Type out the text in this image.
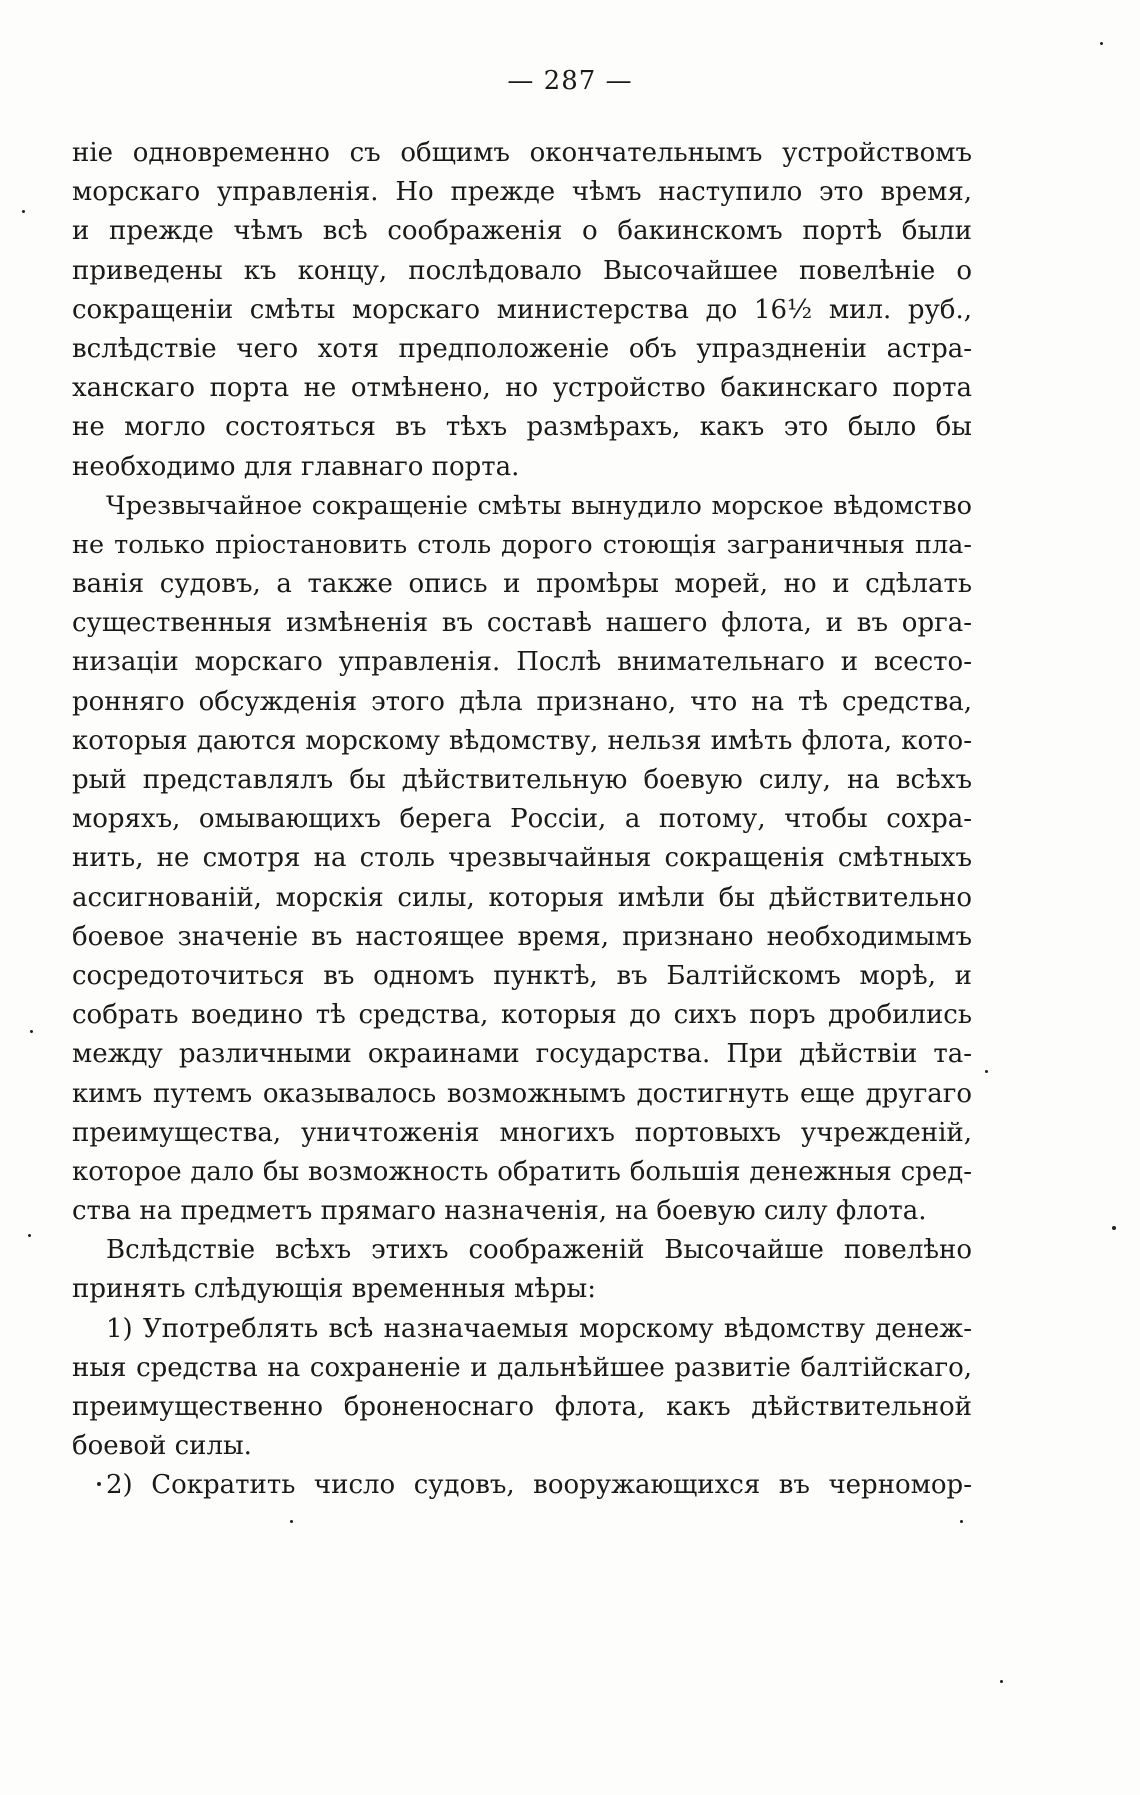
— 287 —
ніе одновременно съ общимъ окончательнымъ устройствомъ
морскаго управленія. Но прежде чѣмъ наступило это время,
и прежде чѣмъ всѣ соображенія о бакинскомъ портѣ были
приведены къ концу, послѣдовало Высочайшее повелѣніе о
сокращеніи смѣты морскаго министерства до 16½ мил. руб.,
вслѣдствіе чего хотя предположеніе объ упраздненіи астра-
ханскаго порта не отмѣнено, но устройство бакинскаго порта
не могло состояться въ тѣхъ размѣрахъ, какъ это было бы
необходимо для главнаго порта.
Чрезвычайное сокращеніе смѣты вынудило морское вѣдомство
не только пріостановить столь дорого стоющія заграничныя пла-
ванія судовъ, а также опись и промѣры морей, но и сдѣлать
существенныя измѣненія въ составѣ нашего флота, и въ орга-
низаціи морскаго управленія. Послѣ внимательнаго и всесто-
ронняго обсужденія этого дѣла признано, что на тѣ средства,
которыя даются морскому вѣдомству, нельзя имѣть флота, кото-
рый представлялъ бы дѣйствительную боевую силу, на всѣхъ
моряхъ, омывающихъ берега Россіи, а потому, чтобы сохра-
нить, не смотря на столь чрезвычайныя сокращенія смѣтныхъ
ассигнованій, морскія силы, которыя имѣли бы дѣйствительно
боевое значеніе въ настоящее время, признано необходимымъ
сосредоточиться въ одномъ пунктѣ, въ Балтійскомъ морѣ, и
собрать воедино тѣ средства, которыя до сихъ поръ дробились
между различными окраинами государства. При дѣйствіи та-
кимъ путемъ оказывалось возможнымъ достигнуть еще другаго
преимущества, уничтоженія многихъ портовыхъ учрежденій,
которое дало бы возможность обратить большія денежныя сред-
ства на предметъ прямаго назначенія, на боевую силу флота.
Вслѣдствіе всѣхъ этихъ соображеній Высочайше повелѣно
принять слѣдующія временныя мѣры:
1) Употреблять всѣ назначаемыя морскому вѣдомству денеж-
ныя средства на сохраненіе и дальнѣйшее развитіе балтійскаго,
преимущественно броненоснаго флота, какъ дѣйствительной
боевой силы.
2) Сократить число судовъ, вооружающихся въ черномор-
